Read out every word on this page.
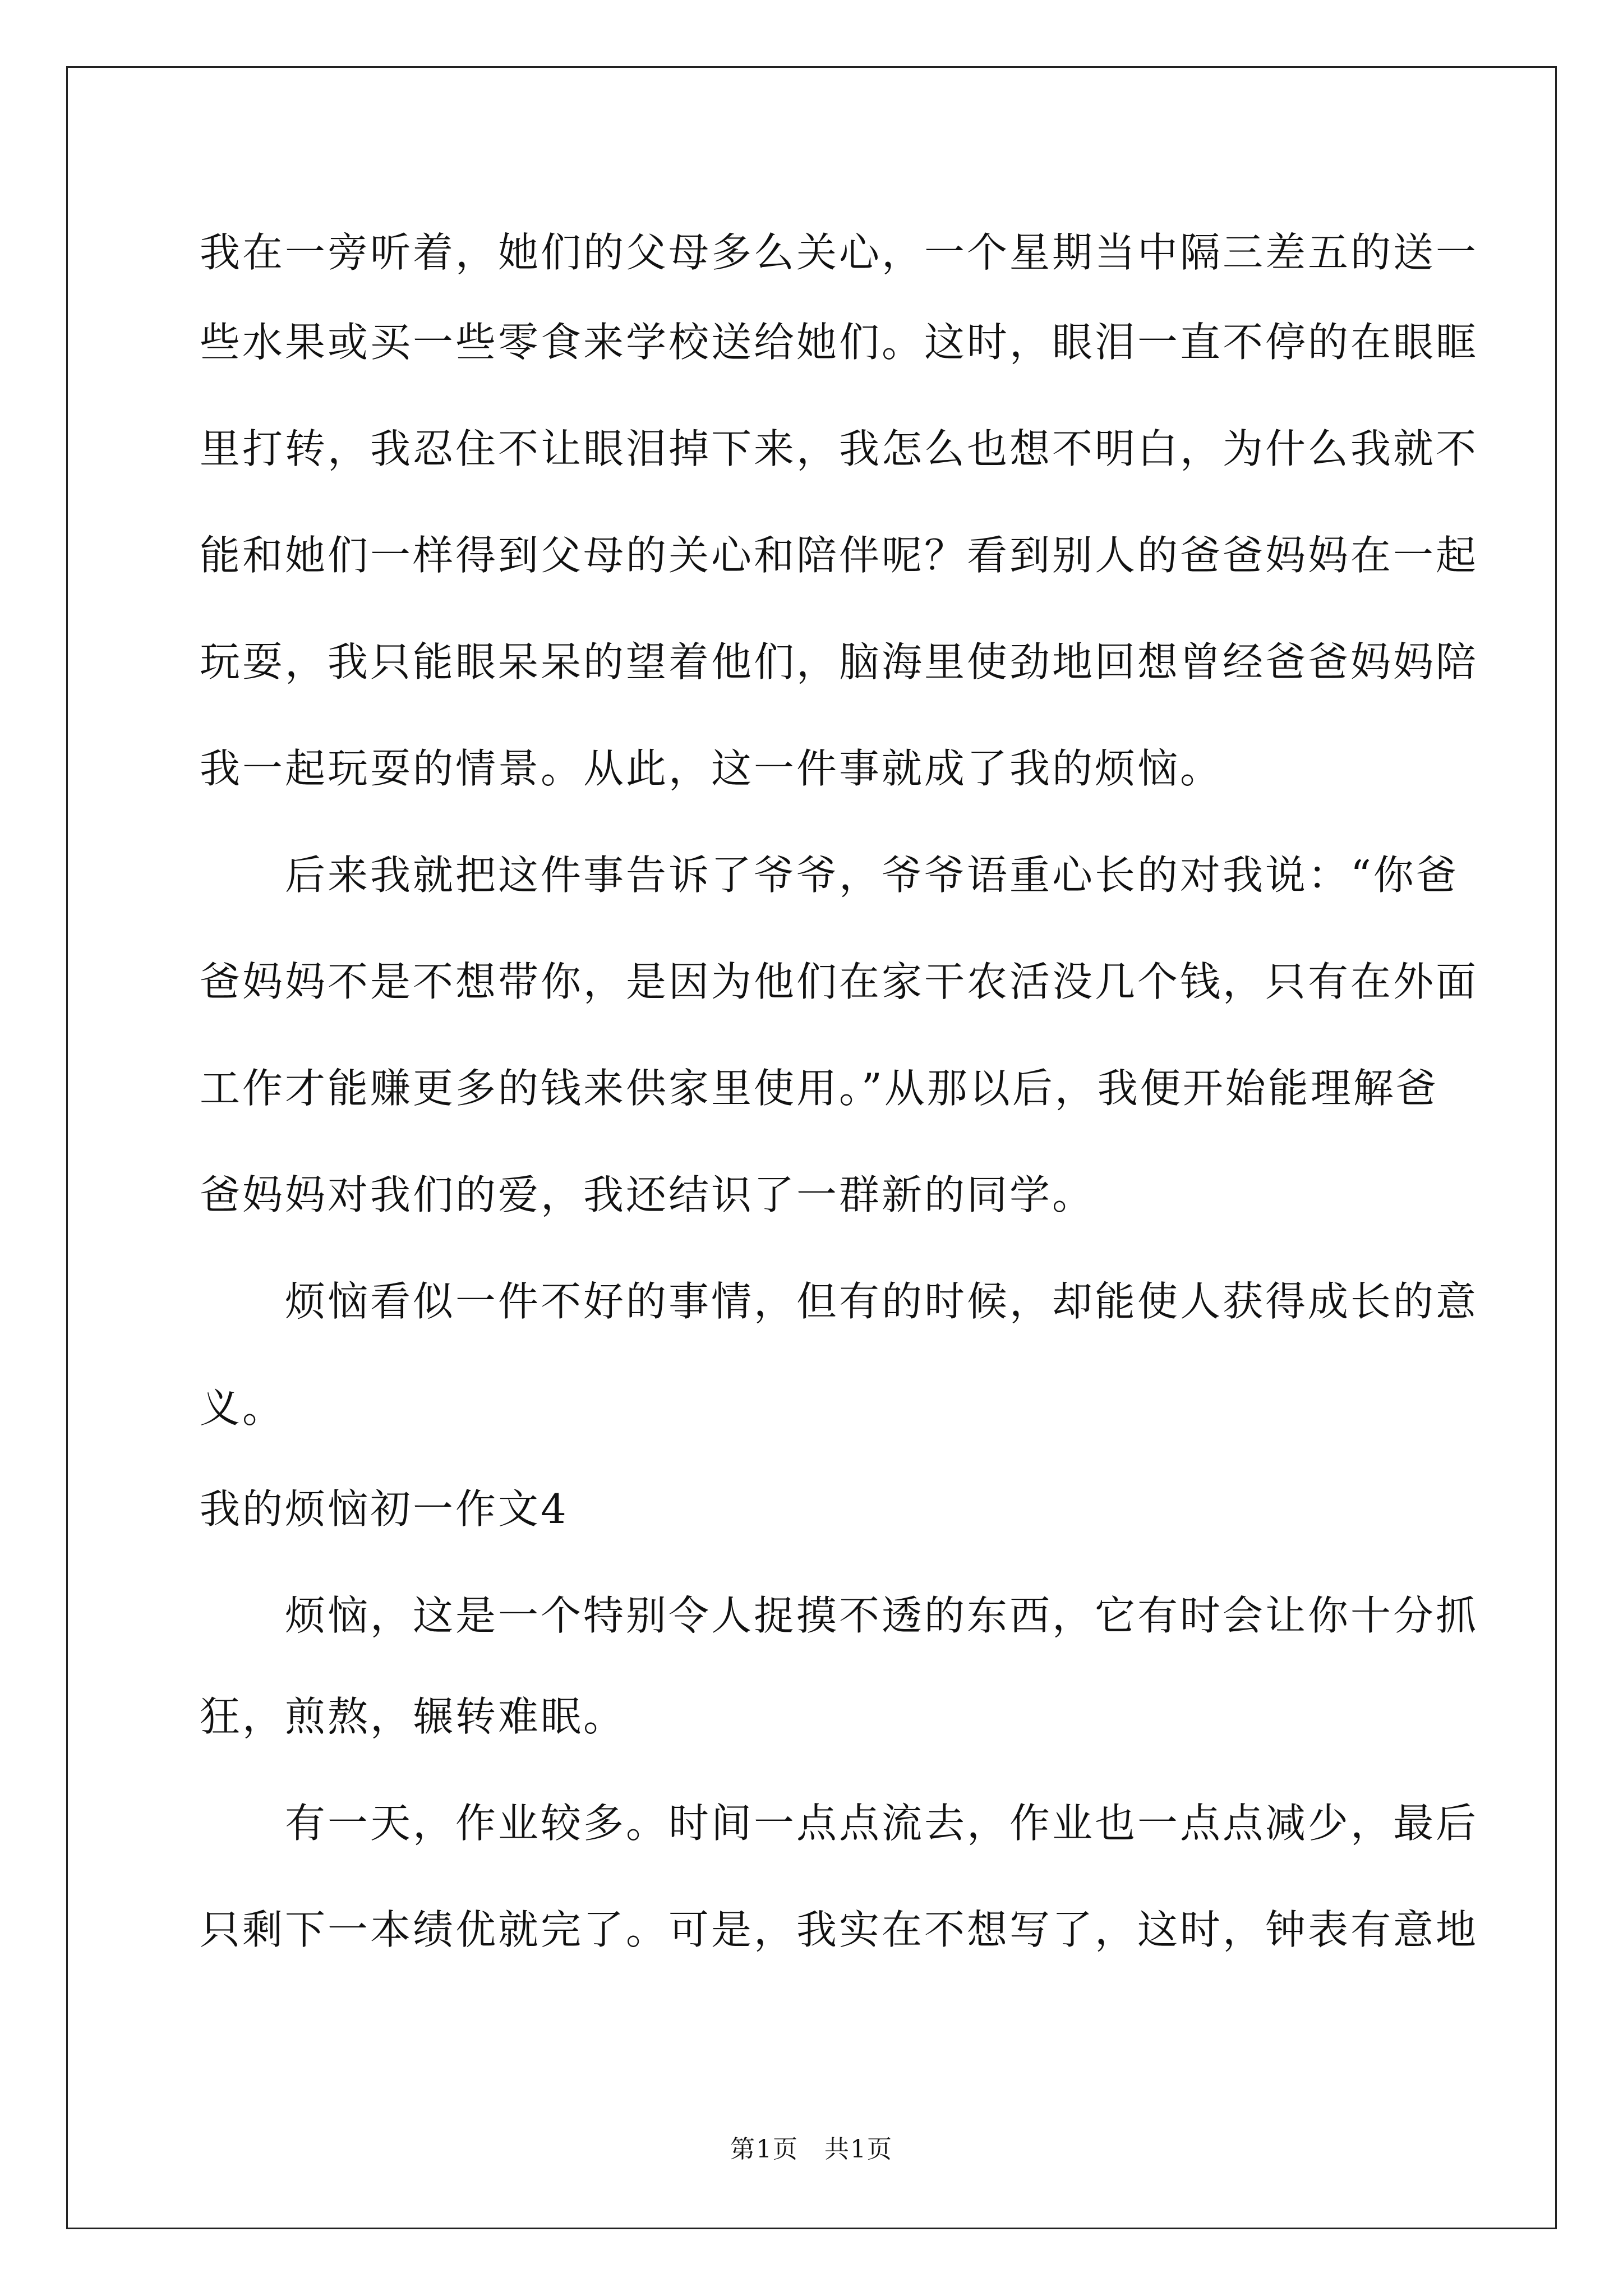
我在一旁听着，她们的父母多么关心，一个星期当中隔三差五的送一
些水果或买一些零食来学校送给她们。这时，眼泪一直不停的在眼眶
里打转，我忍住不让眼泪掉下来，我怎么也想不明白，为什么我就不
能和她们一样得到父母的关心和陪伴呢？看到别人的爸爸妈妈在一起
玩耍，我只能眼呆呆的望着他们，脑海里使劲地回想曾经爸爸妈妈陪
我一起玩耍的情景。从此，这一件事就成了我的烦恼。
　　后来我就把这件事告诉了爷爷，爷爷语重心长的对我说：“你爸
爸妈妈不是不想带你，是因为他们在家干农活没几个钱，只有在外面
工作才能赚更多的钱来供家里使用。”从那以后，我便开始能理解爸
爸妈妈对我们的爱，我还结识了一群新的同学。
　　烦恼看似一件不好的事情，但有的时候，却能使人获得成长的意
义。
我的烦恼初一作文4
　　烦恼，这是一个特别令人捉摸不透的东西，它有时会让你十分抓
狂，煎熬，辗转难眠。
　　有一天，作业较多。时间一点点流去，作业也一点点减少，最后
只剩下一本绩优就完了。可是，我实在不想写了，这时，钟表有意地
第1页　共1页
